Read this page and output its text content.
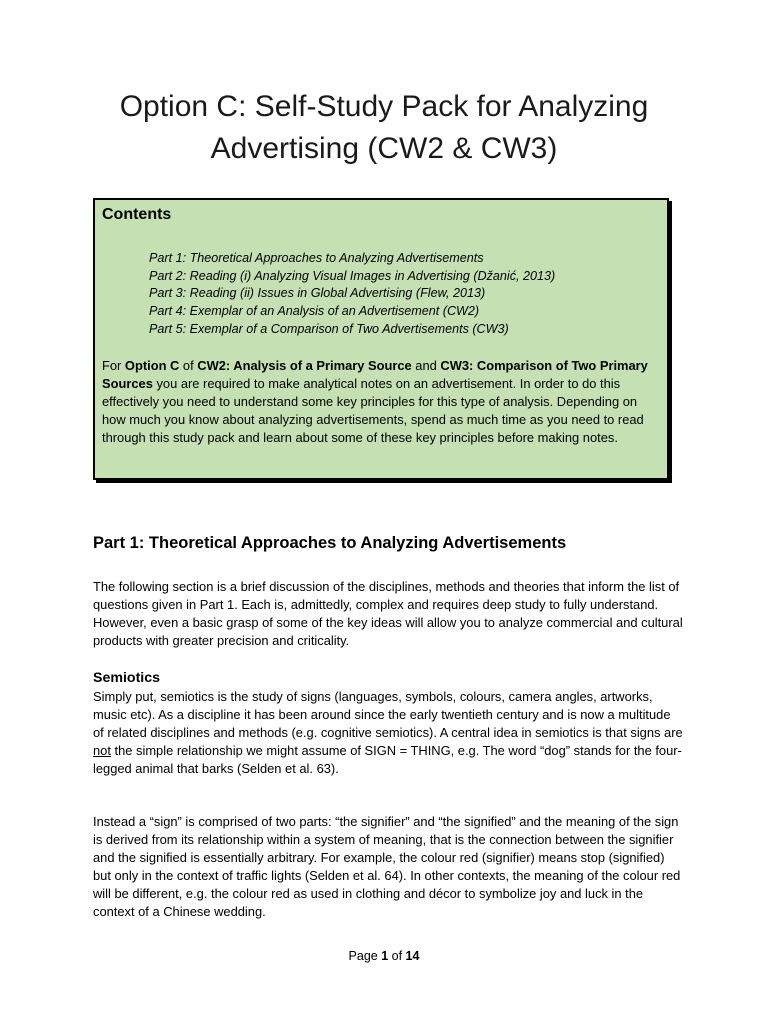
Option C: Self-Study Pack for Analyzing
Advertising (CW2 & CW3)
Contents
Part 1: Theoretical Approaches to Analyzing Advertisements
Part 2: Reading (i) Analyzing Visual Images in Advertising (Džanić, 2013)
Part 3: Reading (ii) Issues in Global Advertising (Flew, 2013)
Part 4: Exemplar of an Analysis of an Advertisement (CW2)
Part 5: Exemplar of a Comparison of Two Advertisements (CW3)

For Option C of CW2: Analysis of a Primary Source and CW3: Comparison of Two Primary Sources you are required to make analytical notes on an advertisement. In order to do this effectively you need to understand some key principles for this type of analysis. Depending on how much you know about analyzing advertisements, spend as much time as you need to read through this study pack and learn about some of these key principles before making notes.

Part 1: Theoretical Approaches to Analyzing Advertisements

The following section is a brief discussion of the disciplines, methods and theories that inform the list of questions given in Part 1. Each is, admittedly, complex and requires deep study to fully understand. However, even a basic grasp of some of the key ideas will allow you to analyze commercial and cultural products with greater precision and criticality.

Semiotics

Simply put, semiotics is the study of signs (languages, symbols, colours, camera angles, artworks, music etc). As a discipline it has been around since the early twentieth century and is now a multitude of related disciplines and methods (e.g. cognitive semiotics). A central idea in semiotics is that signs are not the simple relationship we might assume of SIGN = THING, e.g. The word “dog” stands for the four-legged animal that barks (Selden et al. 63).

Instead a “sign” is comprised of two parts: “the signifier” and “the signified” and the meaning of the sign is derived from its relationship within a system of meaning, that is the connection between the signifier and the signified is essentially arbitrary. For example, the colour red (signifier) means stop (signified) but only in the context of traffic lights (Selden et al. 64). In other contexts, the meaning of the colour red will be different, e.g. the colour red as used in clothing and décor to symbolize joy and luck in the context of a Chinese wedding.

Page 1 of 14
